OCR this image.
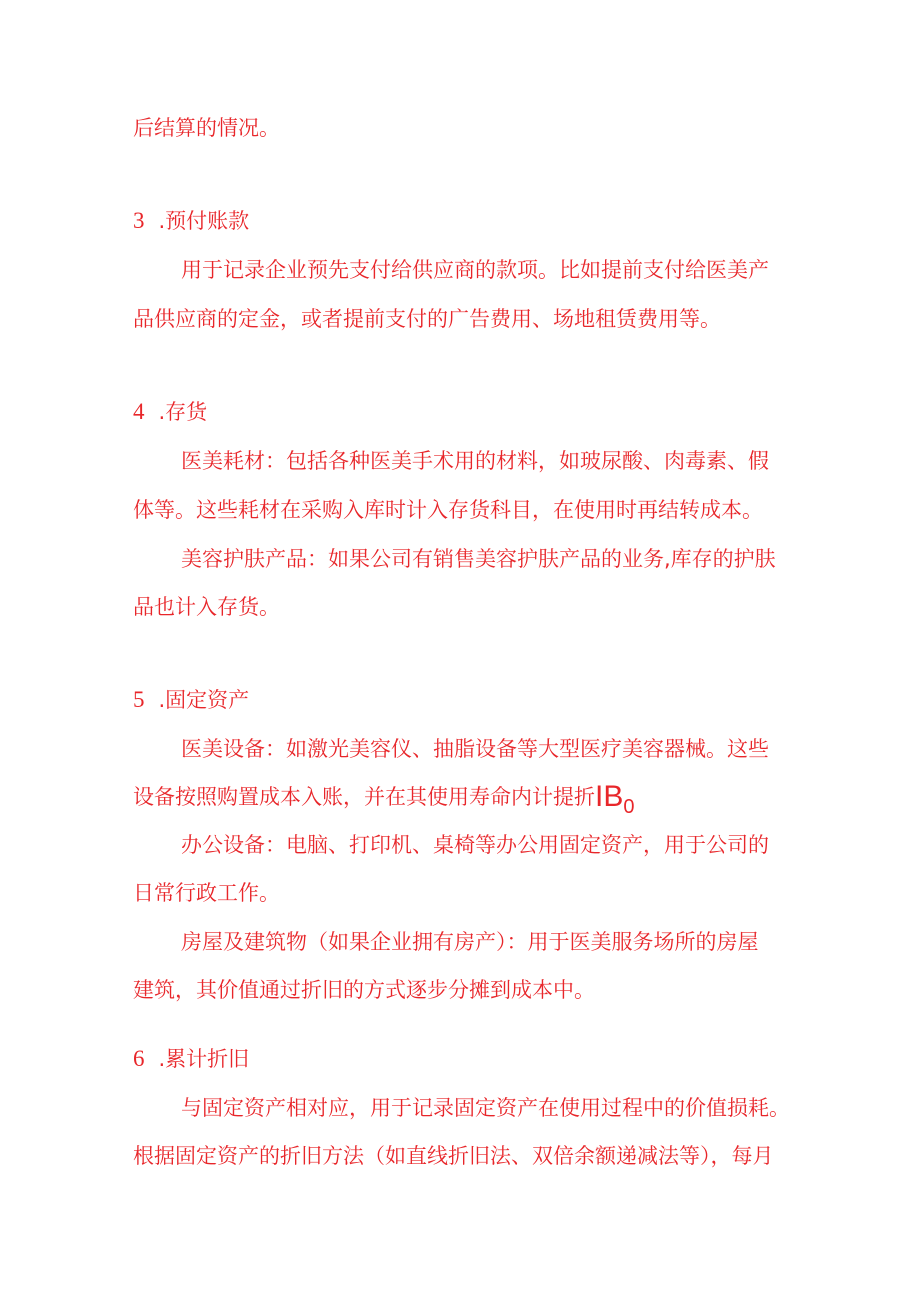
后结算的情况。
3 .预付账款
用于记录企业预先支付给供应商的款项。比如提前支付给医美产
品供应商的定金，或者提前支付的广告费用、场地租赁费用等。
4 .存货
医美耗材：包括各种医美手术用的材料，如玻尿酸、肉毒素、假
体等。这些耗材在采购入库时计入存货科目，在使用时再结转成本。
美容护肤产品：如果公司有销售美容护肤产品的业务,库存的护肤
品也计入存货。
5 .固定资产
医美设备：如激光美容仪、抽脂设备等大型医疗美容器械。这些
设备按照购置成本入账，并在其使用寿命内计提折IB0
办公设备：电脑、打印机、桌椅等办公用固定资产，用于公司的
日常行政工作。
房屋及建筑物（如果企业拥有房产）：用于医美服务场所的房屋
建筑，其价值通过折旧的方式逐步分摊到成本中。
6 .累计折旧
与固定资产相对应，用于记录固定资产在使用过程中的价值损耗。
根据固定资产的折旧方法（如直线折旧法、双倍余额递减法等），每月
